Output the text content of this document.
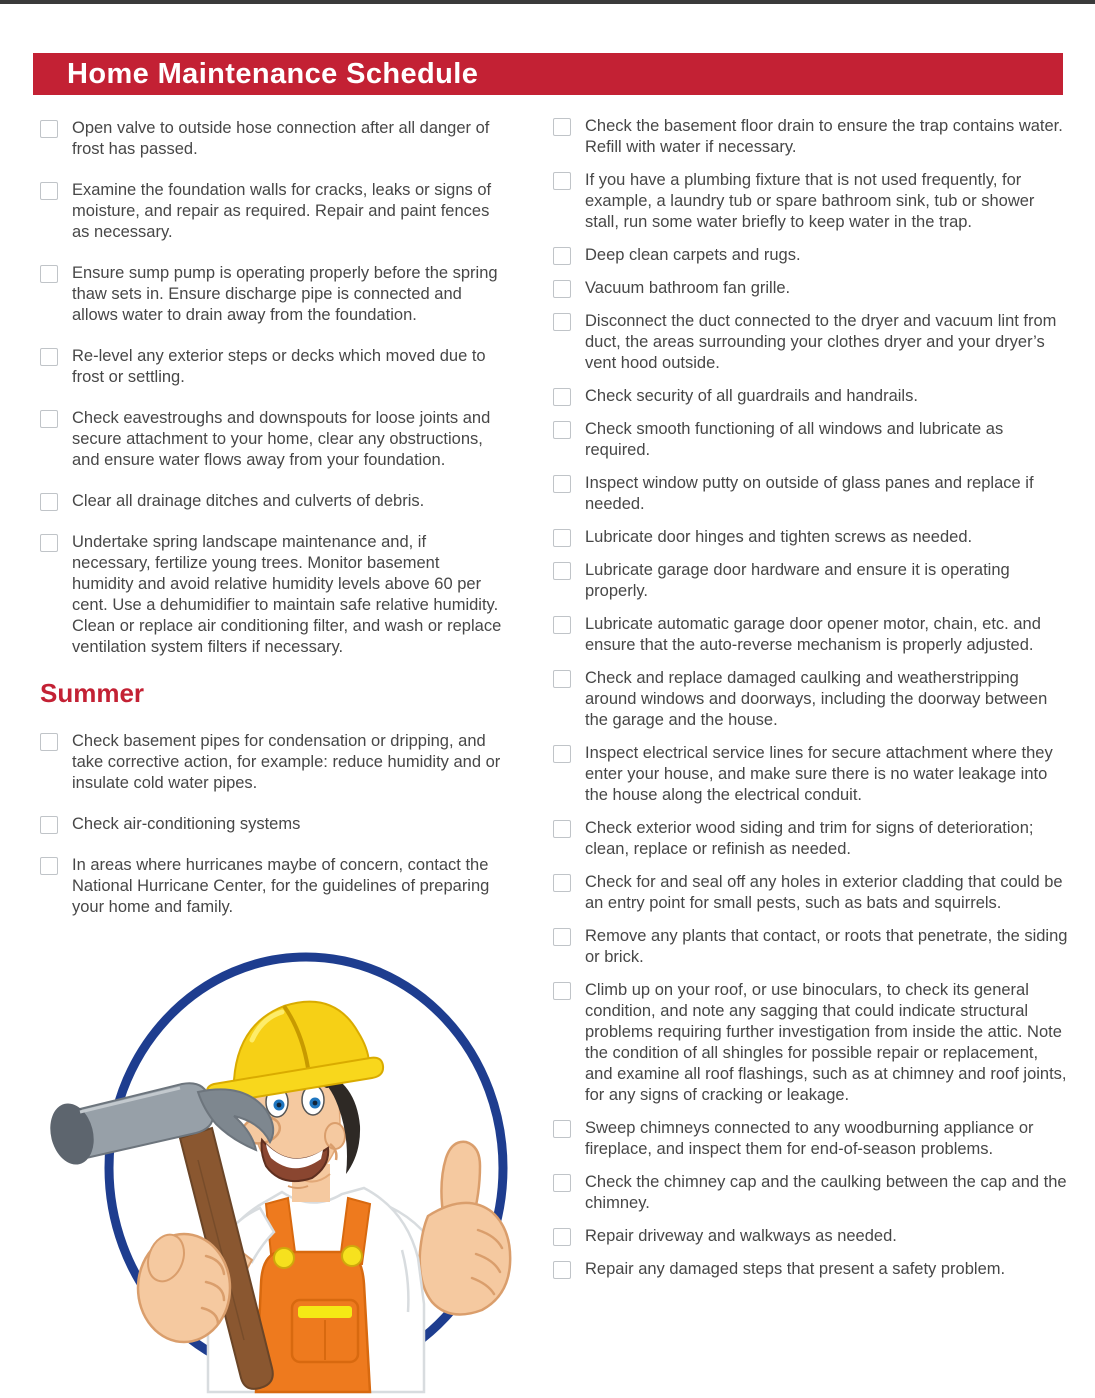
Home Maintenance Schedule
Open valve to outside hose connection after all danger of frost has passed.
Examine the foundation walls for cracks, leaks or signs of moisture, and repair as required. Repair and paint fences as necessary.
Ensure sump pump is operating properly before the spring thaw sets in. Ensure discharge pipe is connected and allows water to drain away from the foundation.
Re-level any exterior steps or decks which moved due to frost or settling.
Check eavestroughs and downspouts for loose joints and secure attachment to your home, clear any obstructions, and ensure water flows away from your foundation.
Clear all drainage ditches and culverts of debris.
Undertake spring landscape maintenance and, if necessary, fertilize young trees. Monitor basement humidity and avoid relative humidity levels above 60 per cent. Use a dehumidifier to maintain safe relative humidity. Clean or replace air conditioning filter, and wash or replace ventilation system filters if necessary.
Summer
Check basement pipes for condensation or dripping, and take corrective action, for example: reduce humidity and or insulate cold water pipes.
Check air-conditioning systems
In areas where hurricanes maybe of concern, contact the National Hurricane Center, for the guidelines of preparing your home and family.
Check the basement floor drain to ensure the trap contains water. Refill with water if necessary.
If you have a plumbing fixture that is not used frequently, for example, a laundry tub or spare bathroom sink, tub or shower stall, run some water briefly to keep water in the trap.
Deep clean carpets and rugs.
Vacuum bathroom fan grille.
Disconnect the duct connected to the dryer and vacuum lint from duct, the areas surrounding your clothes dryer and your dryer’s vent hood outside.
Check security of all guardrails and handrails.
Check smooth functioning of all windows and lubricate as required.
Inspect window putty on outside of glass panes and replace if needed.
Lubricate door hinges and tighten screws as needed.
Lubricate garage door hardware and ensure it is operating properly.
Lubricate automatic garage door opener motor, chain, etc. and ensure that the auto-reverse mechanism is properly adjusted.
Check and replace damaged caulking and weatherstripping around windows and doorways, including the doorway between the garage and the house.
Inspect electrical service lines for secure attachment where they enter your house, and make sure there is no water leakage into the house along the electrical conduit.
Check exterior wood siding and trim for signs of deterioration; clean, replace or refinish as needed.
Check for and seal off any holes in exterior cladding that could be an entry point for small pests, such as bats and squirrels.
Remove any plants that contact, or roots that penetrate, the siding or brick.
Climb up on your roof, or use binoculars, to check its general condition, and note any sagging that could indicate structural problems requiring further investigation from inside the attic. Note the condition of all shingles for possible repair or replacement, and examine all roof flashings, such as at chimney and roof joints, for any signs of cracking or leakage.
Sweep chimneys connected to any woodburning appliance or fireplace, and inspect them for end-of-season problems.
Check the chimney cap and the caulking between the cap and the chimney.
Repair driveway and walkways as needed.
Repair any damaged steps that present a safety problem.
